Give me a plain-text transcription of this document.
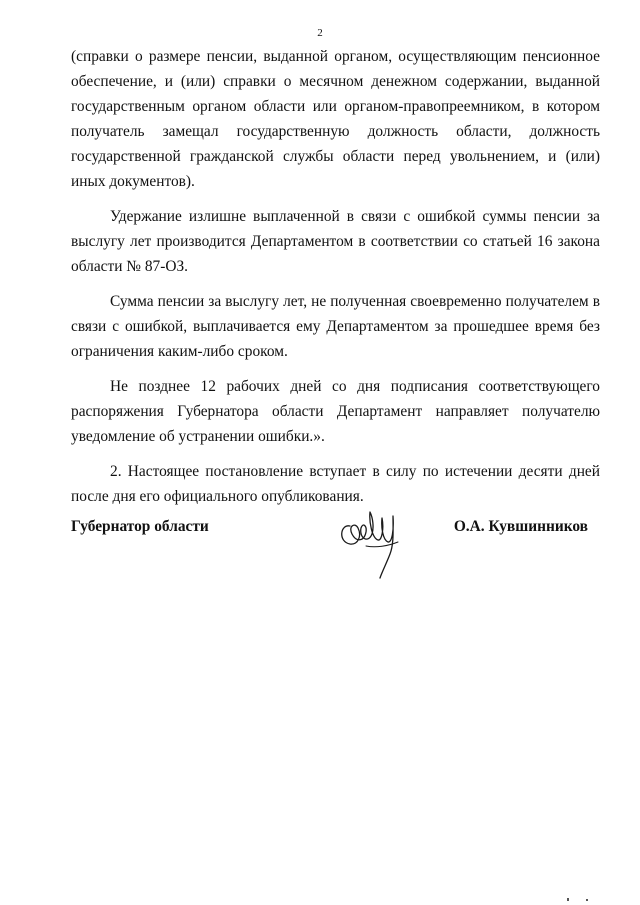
2

(справки о размере пенсии, выданной органом, осуществляющим пенсионное обеспечение, и (или) справки о месячном денежном содержании, выданной государственным органом области или органом-правопреемником, в котором получатель замещал государственную должность области, должность государственной гражданской службы области перед увольнением, и (или) иных документов).

Удержание излишне выплаченной в связи с ошибкой суммы пенсии за выслугу лет производится Департаментом в соответствии со статьей 16 закона области № 87-ОЗ.

Сумма пенсии за выслугу лет, не полученная своевременно получателем в связи с ошибкой, выплачивается ему Департаментом за прошедшее время без ограничения каким-либо сроком.

Не позднее 12 рабочих дней со дня подписания соответствующего распоряжения Губернатора области Департамент направляет получателю уведомление об устранении ошибки.».

2. Настоящее постановление вступает в силу по истечении десяти дней после дня его официального опубликования.

Губернатор области	О.А. Кувшинников
